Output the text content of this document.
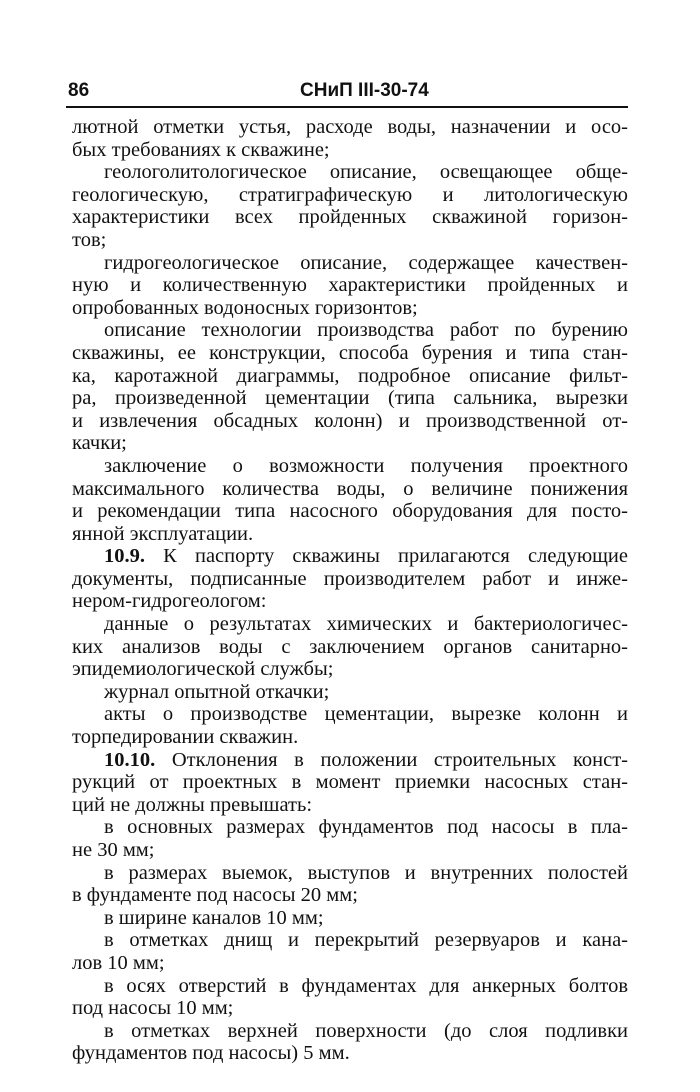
86	СНиП III-30-74
лютной отметки устья, расходе воды, назначении и осо-
бых требованиях к скважине;
геологолитологическое описание, освещающее обще-
геологическую, стратиграфическую и литологическую
характеристики всех пройденных скважиной горизон-
тов;
гидрогеологическое описание, содержащее качествен-
ную и количественную характеристики пройденных и
опробованных водоносных горизонтов;
описание технологии производства работ по бурению
скважины, ее конструкции, способа бурения и типа стан-
ка, каротажной диаграммы, подробное описание фильт-
ра, произведенной цементации (типа сальника, вырезки
и извлечения обсадных колонн) и производственной от-
качки;
заключение о возможности получения проектного
максимального количества воды, о величине понижения
и рекомендации типа насосного оборудования для посто-
янной эксплуатации.
10.9. К паспорту скважины прилагаются следующие
документы, подписанные производителем работ и инже-
нером-гидрогеологом:
данные о результатах химических и бактериологичес-
ких анализов воды с заключением органов санитарно-
эпидемиологической службы;
журнал опытной откачки;
акты о производстве цементации, вырезке колонн и
торпедировании скважин.
10.10. Отклонения в положении строительных конст-
рукций от проектных в момент приемки насосных стан-
ций не должны превышать:
в основных размерах фундаментов под насосы в пла-
не 30 мм;
в размерах выемок, выступов и внутренних полостей
в фундаменте под насосы 20 мм;
в ширине каналов 10 мм;
в отметках днищ и перекрытий резервуаров и кана-
лов 10 мм;
в осях отверстий в фундаментах для анкерных болтов
под насосы 10 мм;
в отметках верхней поверхности (до слоя подливки
фундаментов под насосы) 5 мм.
